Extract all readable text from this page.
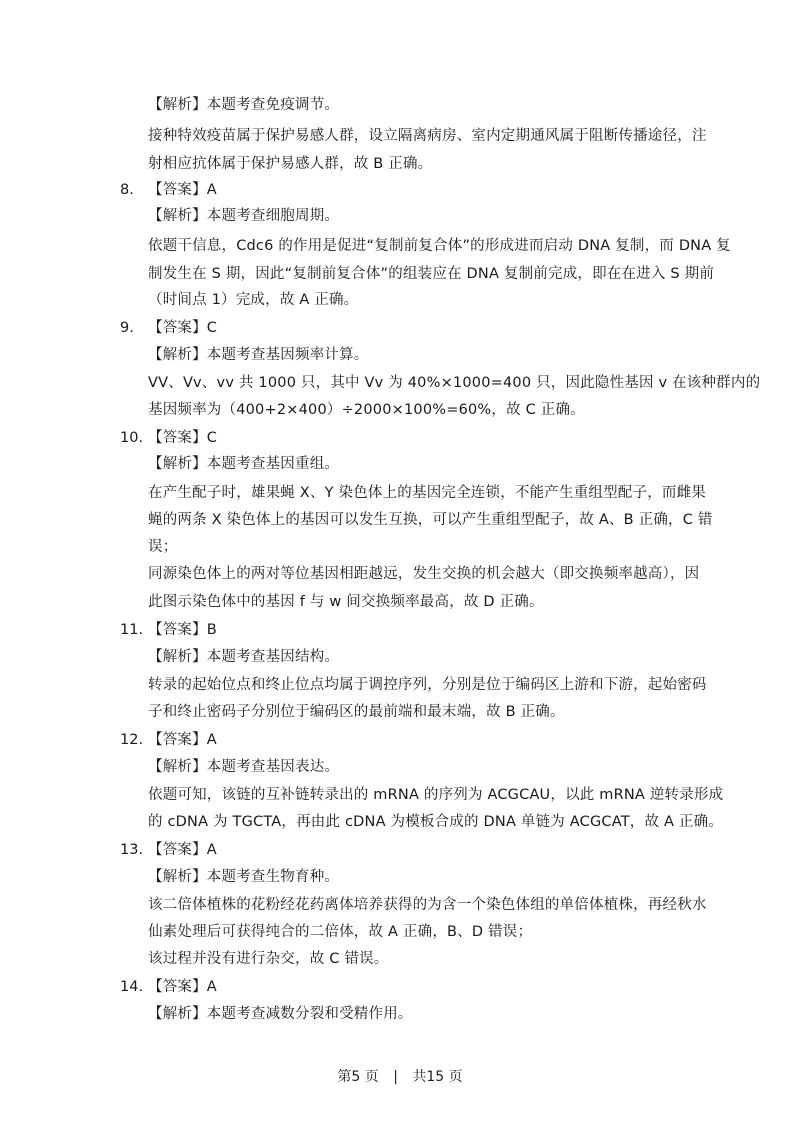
【解析】本题考查免疫调节。
接种特效疫苗属于保护易感人群，设立隔离病房、室内定期通风属于阻断传播途径，注
射相应抗体属于保护易感人群，故 B 正确。
8. 【答案】A
【解析】本题考查细胞周期。
依题干信息，Cdc6 的作用是促进“复制前复合体”的形成进而启动 DNA 复制，而 DNA 复
制发生在 S 期，因此“复制前复合体”的组装应在 DNA 复制前完成，即在在进入 S 期前
（时间点 1）完成，故 A 正确。
9. 【答案】C
【解析】本题考查基因频率计算。
VV、Vv、vv 共 1000 只，其中 Vv 为 40%×1000=400 只，因此隐性基因 v 在该种群内的
基因频率为（400+2×400）÷2000×100%=60%，故 C 正确。
10. 【答案】C
【解析】本题考查基因重组。
在产生配子时，雄果蝇 X、Y 染色体上的基因完全连锁，不能产生重组型配子，而雌果
蝇的两条 X 染色体上的基因可以发生互换，可以产生重组型配子，故 A、B 正确，C 错
误；
同源染色体上的两对等位基因相距越远，发生交换的机会越大（即交换频率越高），因
此图示染色体中的基因 f 与 w 间交换频率最高，故 D 正确。
11. 【答案】B
【解析】本题考查基因结构。
转录的起始位点和终止位点均属于调控序列，分别是位于编码区上游和下游，起始密码
子和终止密码子分别位于编码区的最前端和最末端，故 B 正确。
12. 【答案】A
【解析】本题考查基因表达。
依题可知，该链的互补链转录出的 mRNA 的序列为 ACGCAU，以此 mRNA 逆转录形成
的 cDNA 为 TGCTA，再由此 cDNA 为模板合成的 DNA 单链为 ACGCAT，故 A 正确。
13. 【答案】A
【解析】本题考查生物育种。
该二倍体植株的花粉经花药离体培养获得的为含一个染色体组的单倍体植株，再经秋水
仙素处理后可获得纯合的二倍体，故 A 正确，B、D 错误；
该过程并没有进行杂交，故 C 错误。
14. 【答案】A
【解析】本题考查减数分裂和受精作用。
第5 页 | 共15 页
